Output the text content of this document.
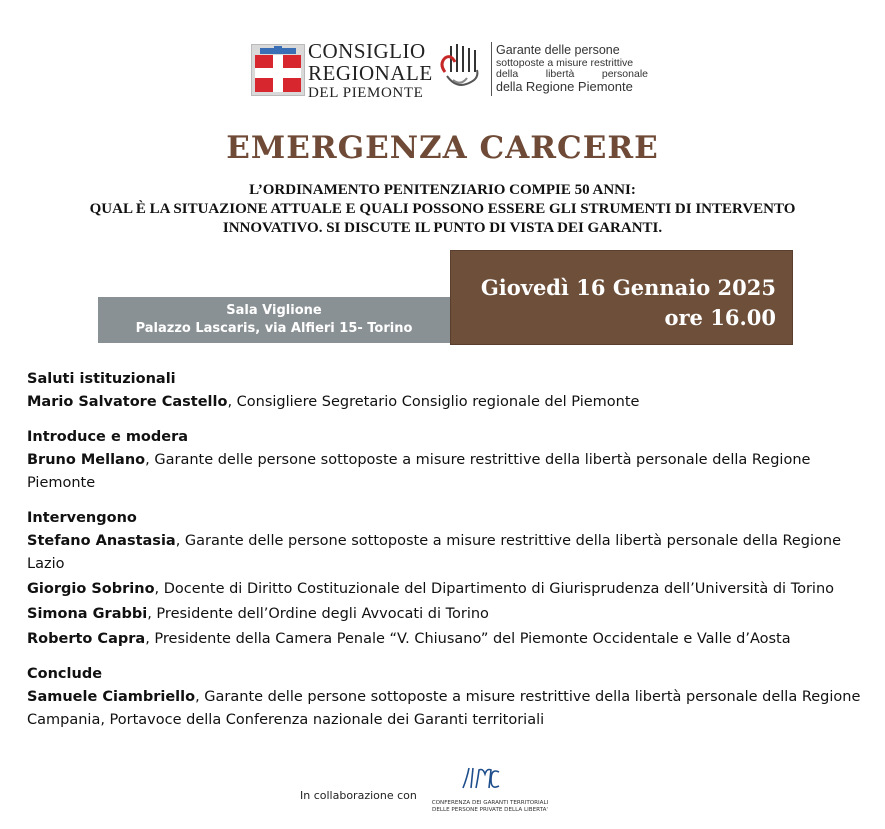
CONSIGLIO
REGIONALE
DEL PIEMONTE
Garante delle persone
sottoposte a misure restrittive
della libertà personale
della Regione Piemonte
EMERGENZA CARCERE
L’ORDINAMENTO PENITENZIARIO COMPIE 50 ANNI:
QUAL È LA SITUAZIONE ATTUALE E QUALI POSSONO ESSERE GLI STRUMENTI DI INTERVENTO
INNOVATIVO. SI DISCUTE IL PUNTO DI VISTA DEI GARANTI.
Sala Viglione
Palazzo Lascaris, via Alfieri 15- Torino
Giovedì 16 Gennaio 2025
ore 16.00
Saluti istituzionali
Mario Salvatore Castello, Consigliere Segretario Consiglio regionale del Piemonte
Introduce e modera
Bruno Mellano, Garante delle persone sottoposte a misure restrittive della libertà personale della Regione Piemonte
Intervengono
Stefano Anastasia, Garante delle persone sottoposte a misure restrittive della libertà personale della Regione Lazio
Giorgio Sobrino, Docente di Diritto Costituzionale del Dipartimento di Giurisprudenza dell’Università di Torino
Simona Grabbi, Presidente dell’Ordine degli Avvocati di Torino
Roberto Capra, Presidente della Camera Penale “V. Chiusano” del Piemonte Occidentale e Valle d’Aosta
Conclude
Samuele Ciambriello, Garante delle persone sottoposte a misure restrittive della libertà personale della Regione Campania, Portavoce della Conferenza nazionale dei Garanti territoriali
In collaborazione con
CONFERENZA DEI GARANTI TERRITORIALI
DELLE PERSONE PRIVATE DELLA LIBERTA'
